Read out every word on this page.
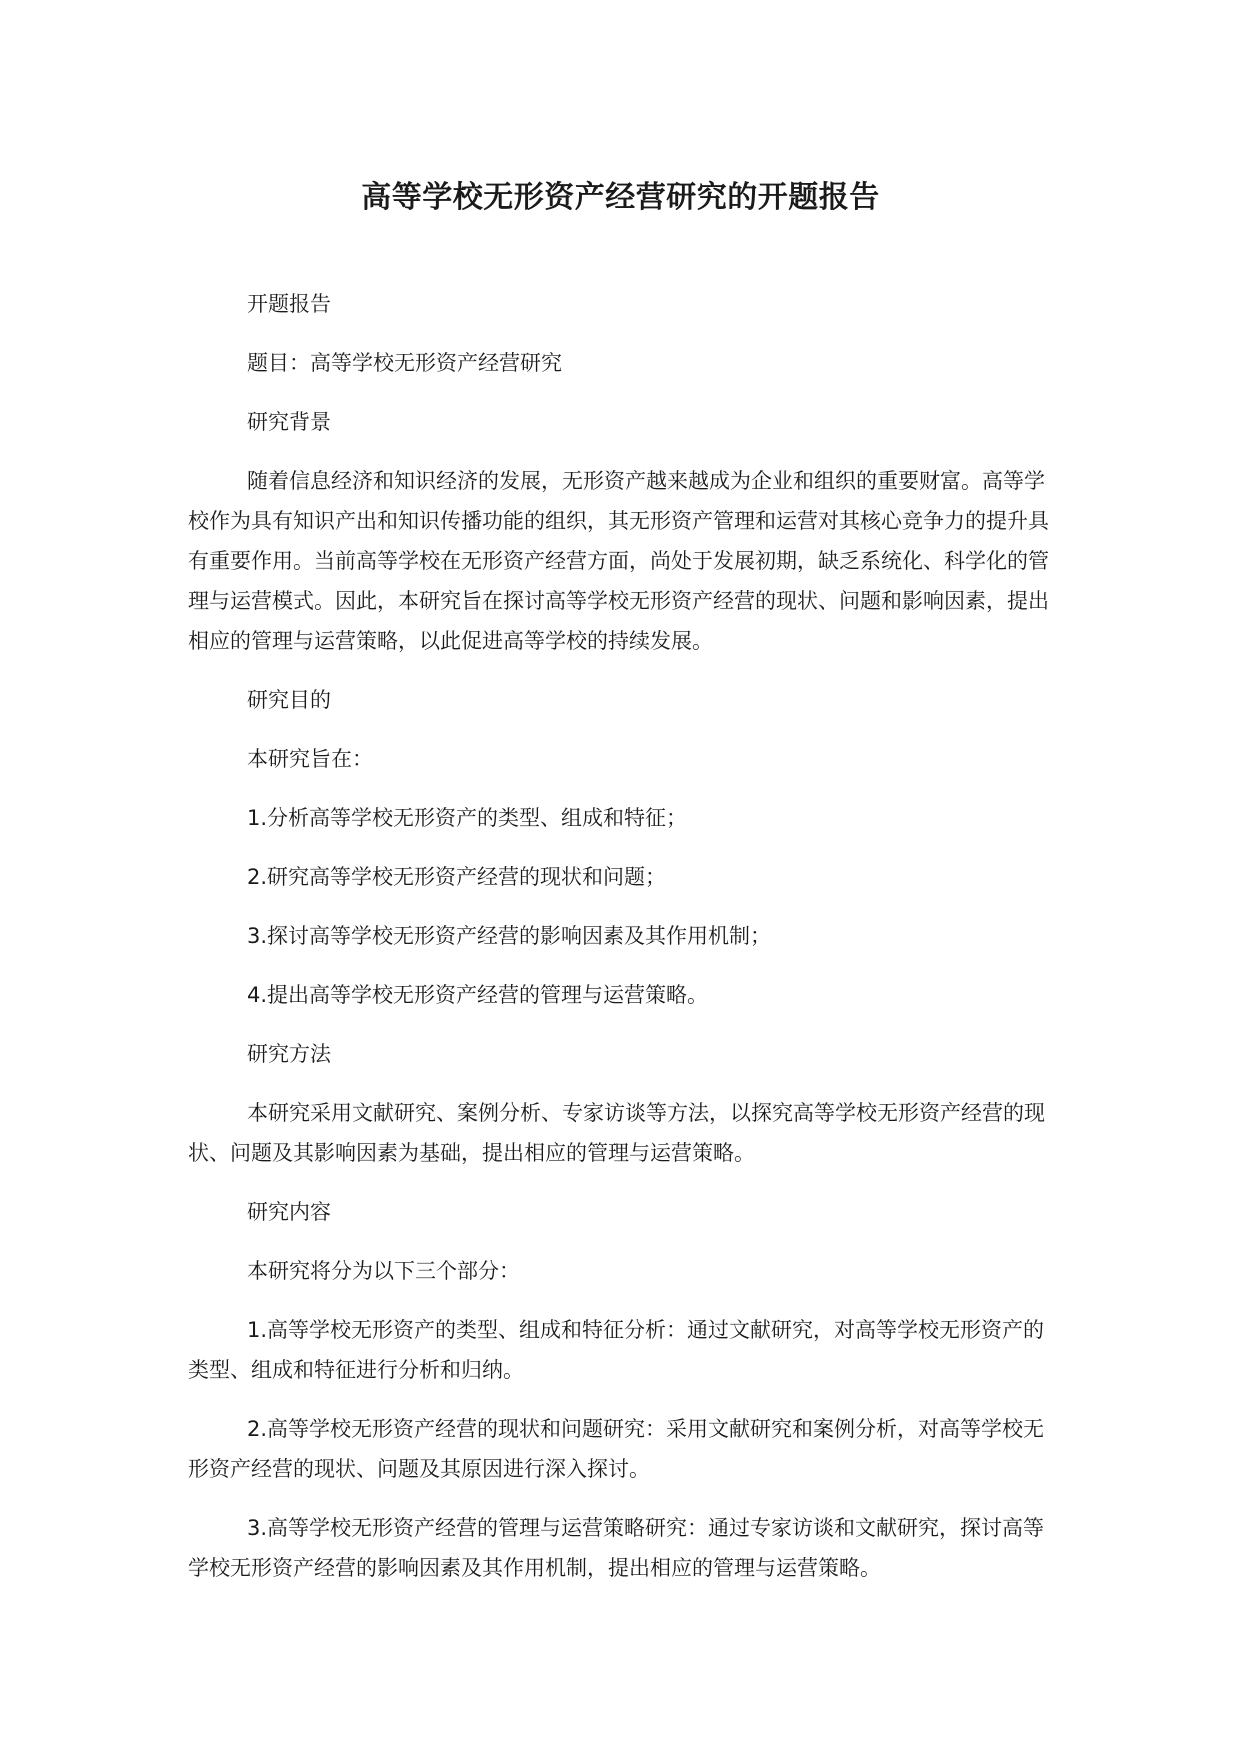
高等学校无形资产经营研究的开题报告

开题报告

题目：高等学校无形资产经营研究

研究背景

随着信息经济和知识经济的发展，无形资产越来越成为企业和组织的重要财富。高等学校作为具有知识产出和知识传播功能的组织，其无形资产管理和运营对其核心竞争力的提升具有重要作用。当前高等学校在无形资产经营方面，尚处于发展初期，缺乏系统化、科学化的管理与运营模式。因此，本研究旨在探讨高等学校无形资产经营的现状、问题和影响因素，提出相应的管理与运营策略，以此促进高等学校的持续发展。

研究目的

本研究旨在：

1.分析高等学校无形资产的类型、组成和特征；

2.研究高等学校无形资产经营的现状和问题；

3.探讨高等学校无形资产经营的影响因素及其作用机制；

4.提出高等学校无形资产经营的管理与运营策略。

研究方法

本研究采用文献研究、案例分析、专家访谈等方法，以探究高等学校无形资产经营的现状、问题及其影响因素为基础，提出相应的管理与运营策略。

研究内容

本研究将分为以下三个部分：

1.高等学校无形资产的类型、组成和特征分析：通过文献研究，对高等学校无形资产的类型、组成和特征进行分析和归纳。

2.高等学校无形资产经营的现状和问题研究：采用文献研究和案例分析，对高等学校无形资产经营的现状、问题及其原因进行深入探讨。

3.高等学校无形资产经营的管理与运营策略研究：通过专家访谈和文献研究，探讨高等学校无形资产经营的影响因素及其作用机制，提出相应的管理与运营策略。
